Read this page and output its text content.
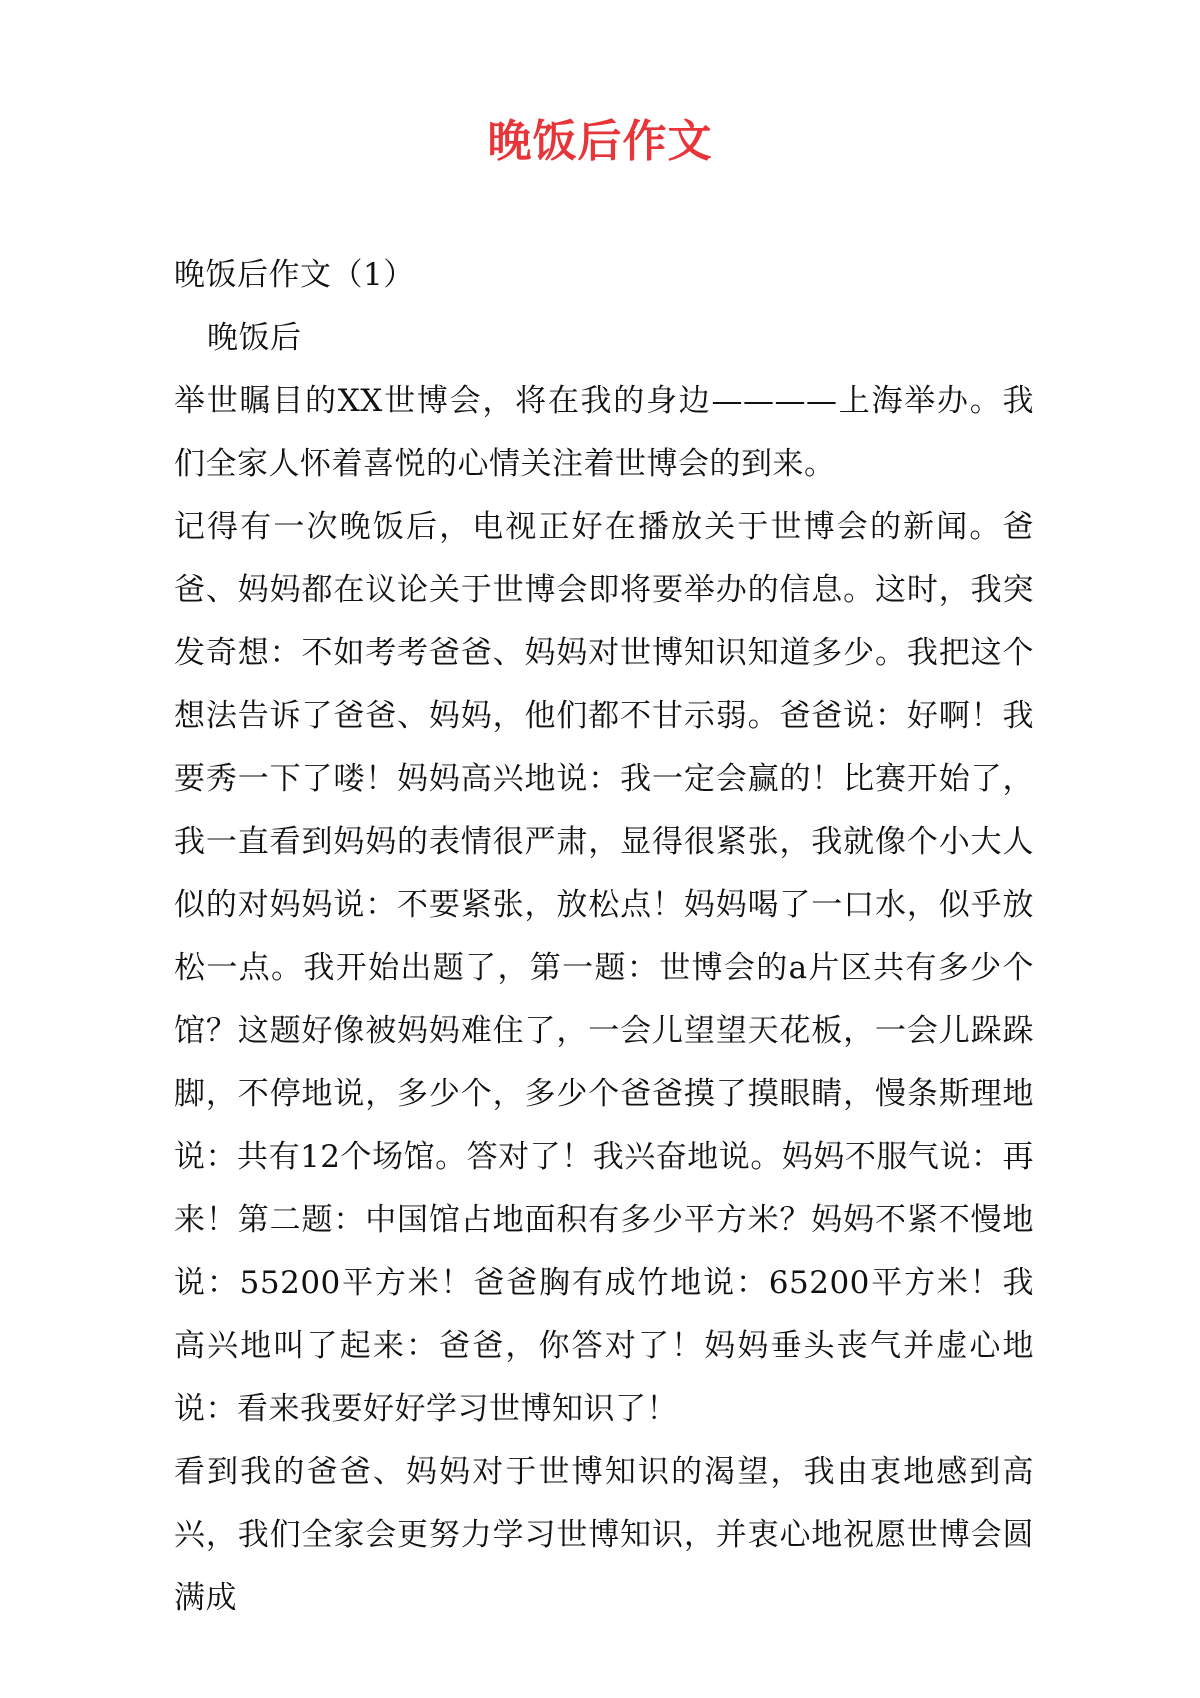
晚饭后作文

晚饭后作文（1）

晚饭后

举世瞩目的XX世博会，将在我的身边————上海举办。我们全家人怀着喜悦的心情关注着世博会的到来。

记得有一次晚饭后，电视正好在播放关于世博会的新闻。爸爸、妈妈都在议论关于世博会即将要举办的信息。这时，我突发奇想：不如考考爸爸、妈妈对世博知识知道多少。我把这个想法告诉了爸爸、妈妈，他们都不甘示弱。爸爸说：好啊！我要秀一下了喽！妈妈高兴地说：我一定会赢的！比赛开始了，我一直看到妈妈的表情很严肃，显得很紧张，我就像个小大人似的对妈妈说：不要紧张，放松点！妈妈喝了一口水，似乎放松一点。我开始出题了，第一题：世博会的a片区共有多少个馆？这题好像被妈妈难住了，一会儿望望天花板，一会儿跺跺脚，不停地说，多少个，多少个爸爸摸了摸眼睛，慢条斯理地说：共有12个场馆。答对了！我兴奋地说。妈妈不服气说：再来！第二题：中国馆占地面积有多少平方米？妈妈不紧不慢地说：55200平方米！爸爸胸有成竹地说：65200平方米！我高兴地叫了起来：爸爸，你答对了！妈妈垂头丧气并虚心地说：看来我要好好学习世博知识了！

看到我的爸爸、妈妈对于世博知识的渴望，我由衷地感到高兴，我们全家会更努力学习世博知识，并衷心地祝愿世博会圆满成
